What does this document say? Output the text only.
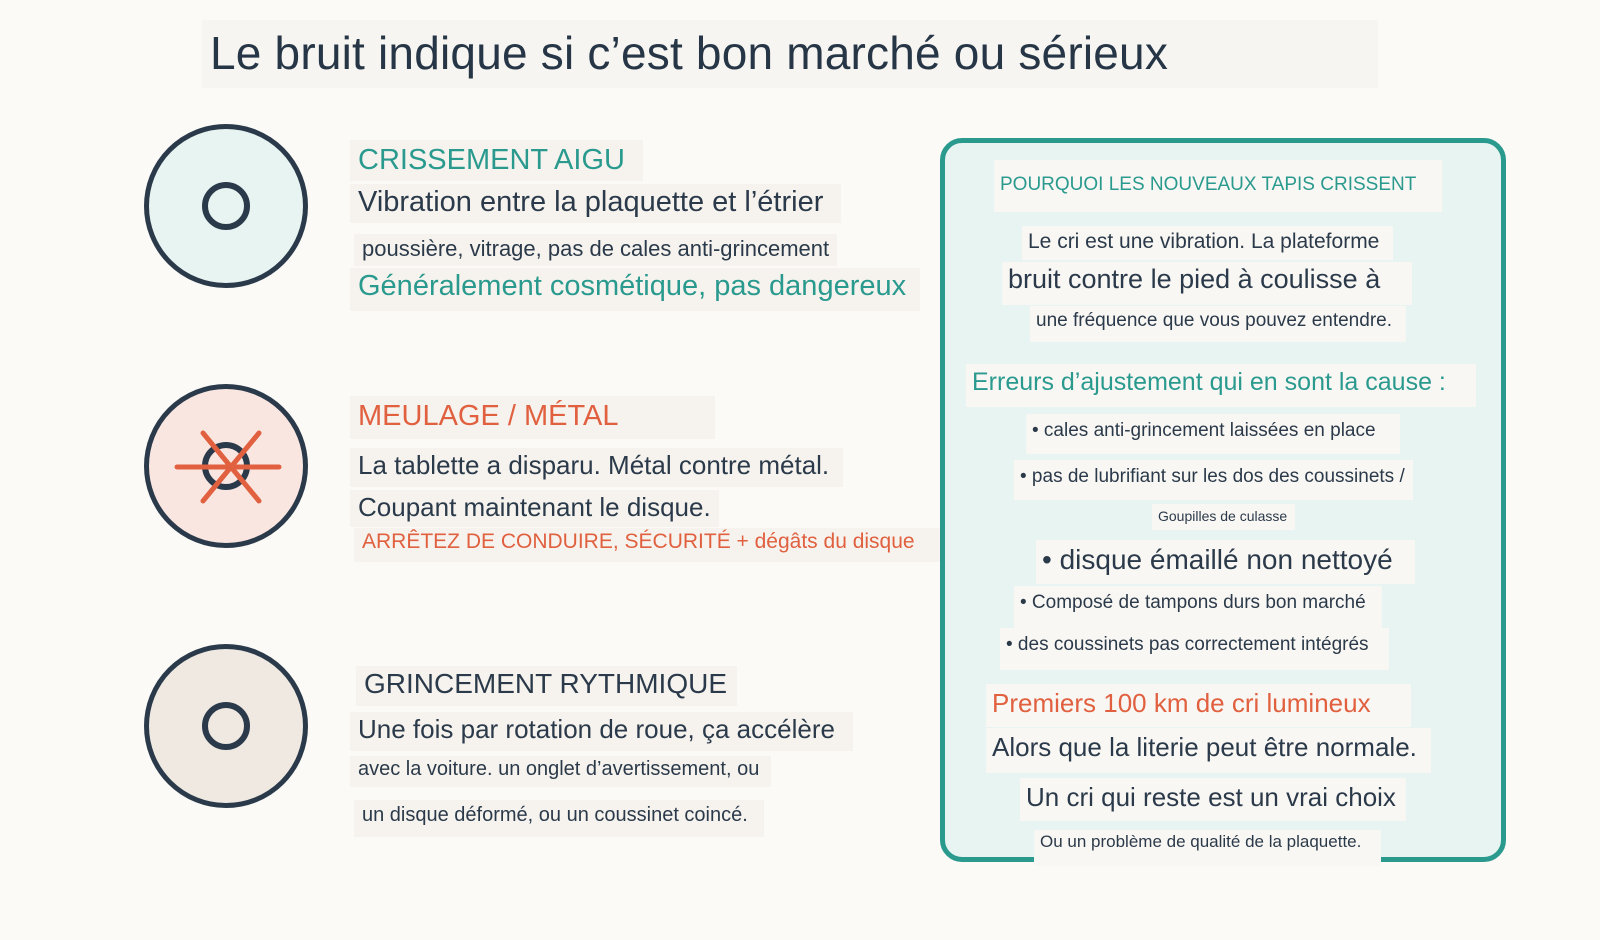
Le bruit indique si c’est bon marché ou sérieux
CRISSEMENT AIGU
Vibration entre la plaquette et l’étrier
poussière, vitrage, pas de cales anti-grincement
Généralement cosmétique, pas dangereux
MEULAGE / MÉTAL
La tablette a disparu. Métal contre métal.
Coupant maintenant le disque.
ARRÊTEZ DE CONDUIRE, SÉCURITÉ + dégâts du disque
GRINCEMENT RYTHMIQUE
Une fois par rotation de roue, ça accélère
avec la voiture. un onglet d’avertissement, ou
un disque déformé, ou un coussinet coincé.
POURQUOI LES NOUVEAUX TAPIS CRISSENT
Le cri est une vibration. La plateforme
bruit contre le pied à coulisse à
une fréquence que vous pouvez entendre.
Erreurs d’ajustement qui en sont la cause :
• cales anti-grincement laissées en place
• pas de lubrifiant sur les dos des coussinets /
Goupilles de culasse
• disque émaillé non nettoyé
• Composé de tampons durs bon marché
• des coussinets pas correctement intégrés
Premiers 100 km de cri lumineux
Alors que la literie peut être normale.
Un cri qui reste est un vrai choix
Ou un problème de qualité de la plaquette.
